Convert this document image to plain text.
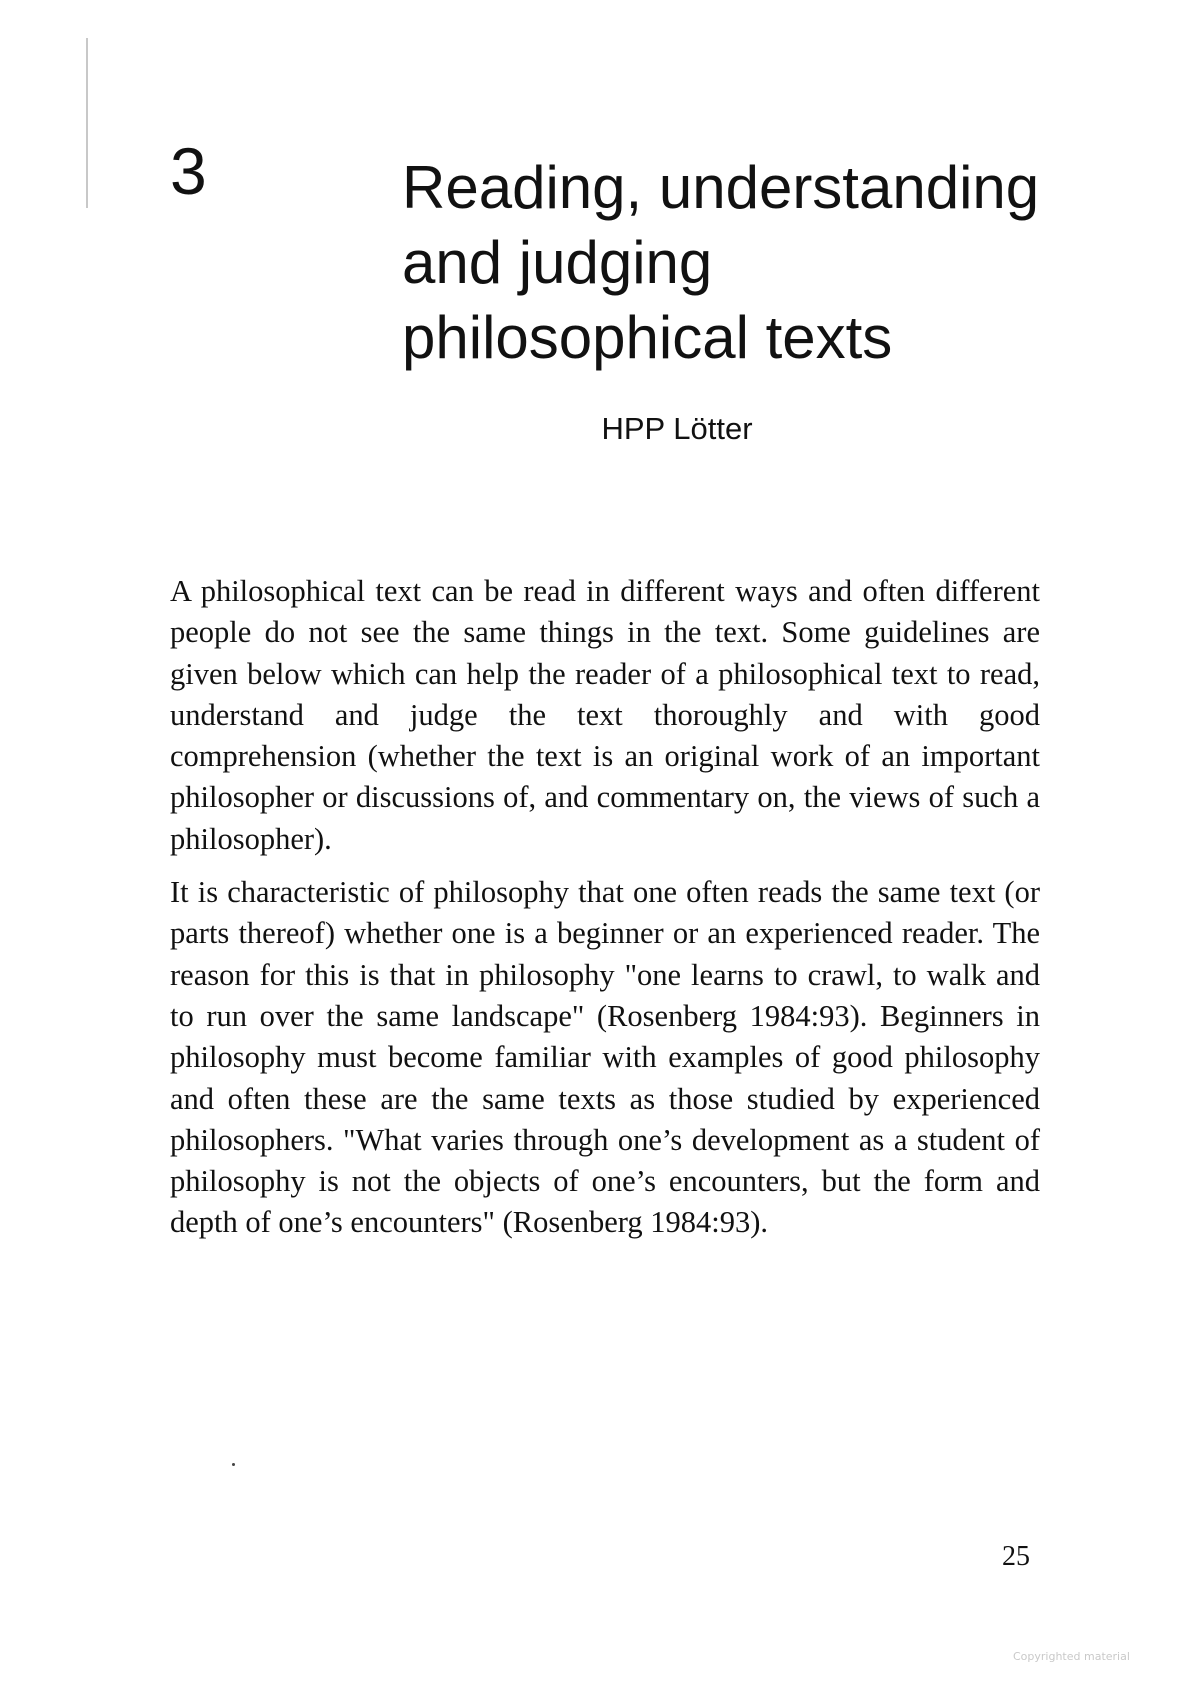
3	Reading, understanding
and judging
philosophical texts
HPP Lötter

A philosophical text can be read in different ways and often different people do not see the same things in the text. Some guidelines are given below which can help the reader of a philosophical text to read, understand and judge the text thoroughly and with good comprehension (whether the text is an original work of an important philosopher or discussions of, and commentary on, the views of such a philosopher).

It is characteristic of philosophy that one often reads the same text (or parts thereof) whether one is a beginner or an experienced reader. The reason for this is that in philosophy "one learns to crawl, to walk and to run over the same landscape" (Rosenberg 1984:93). Beginners in philosophy must become familiar with examples of good philosophy and often these are the same texts as those studied by experienced philosophers. "What varies through one’s development as a student of philosophy is not the objects of one’s encounters, but the form and depth of one’s encounters" (Rosenberg 1984:93).

25
Copyrighted material
